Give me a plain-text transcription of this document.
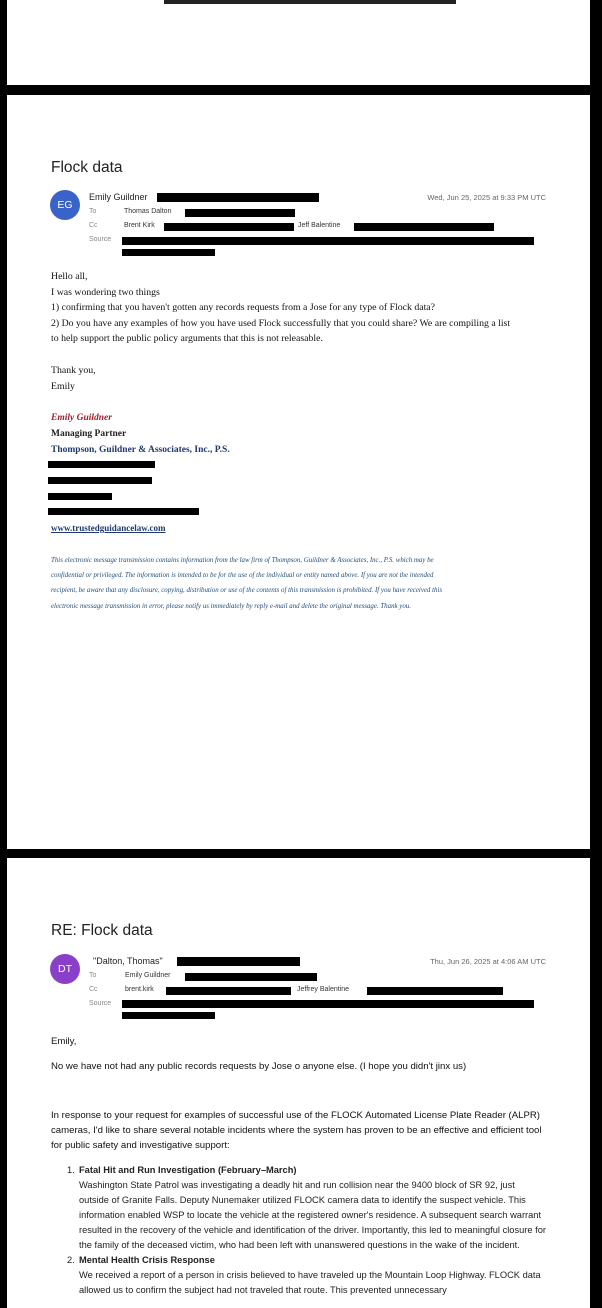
Flock data
EG
Emily Guildner	Wed, Jun 25, 2025 at 9:33 PM UTC
To	Thomas Dalton
Cc	Brent Kirk	Jeff Balentine
Source
Hello all,
I was wondering two things
1) confirming that you haven't gotten any records requests from a Jose for any type of Flock data?
2) Do you have any examples of how you have used Flock successfully that you could share? We are compiling a list
to help support the public policy arguments that this is not releasable.
Thank you,
Emily
Emily Guildner
Managing Partner
Thompson, Guildner & Associates, Inc., P.S.
www.trustedguidancelaw.com
This electronic message transmission contains information from the law firm of Thompson, Guildner & Associates, Inc., P.S. which may be
confidential or privileged. The information is intended to be for the use of the individual or entity named above. If you are not the intended
recipient, be aware that any disclosure, copying, distribution or use of the contents of this transmission is prohibited. If you have received this
electronic message transmission in error, please notify us immediately by reply e-mail and delete the original message. Thank you.
RE: Flock data
DT
"Dalton, Thomas"	Thu, Jun 26, 2025 at 4:06 AM UTC
To	Emily Guildner
Cc	brent.kirk	Jeffrey Balentine
Source
Emily,
No we have not had any public records requests by Jose o anyone else. (I hope you didn't jinx us)
In response to your request for examples of successful use of the FLOCK Automated License Plate Reader (ALPR) cameras, I'd like to share several notable incidents where the system has proven to be an effective and efficient tool for public safety and investigative support:
1. Fatal Hit and Run Investigation (February–March)
Washington State Patrol was investigating a deadly hit and run collision near the 9400 block of SR 92, just outside of Granite Falls. Deputy Nunemaker utilized FLOCK camera data to identify the suspect vehicle. This information enabled WSP to locate the vehicle at the registered owner's residence. A subsequent search warrant resulted in the recovery of the vehicle and identification of the driver. Importantly, this led to meaningful closure for the family of the deceased victim, who had been left with unanswered questions in the wake of the incident.
2. Mental Health Crisis Response
We received a report of a person in crisis believed to have traveled up the Mountain Loop Highway. FLOCK data allowed us to confirm the subject had not traveled that route. This prevented unnecessary
